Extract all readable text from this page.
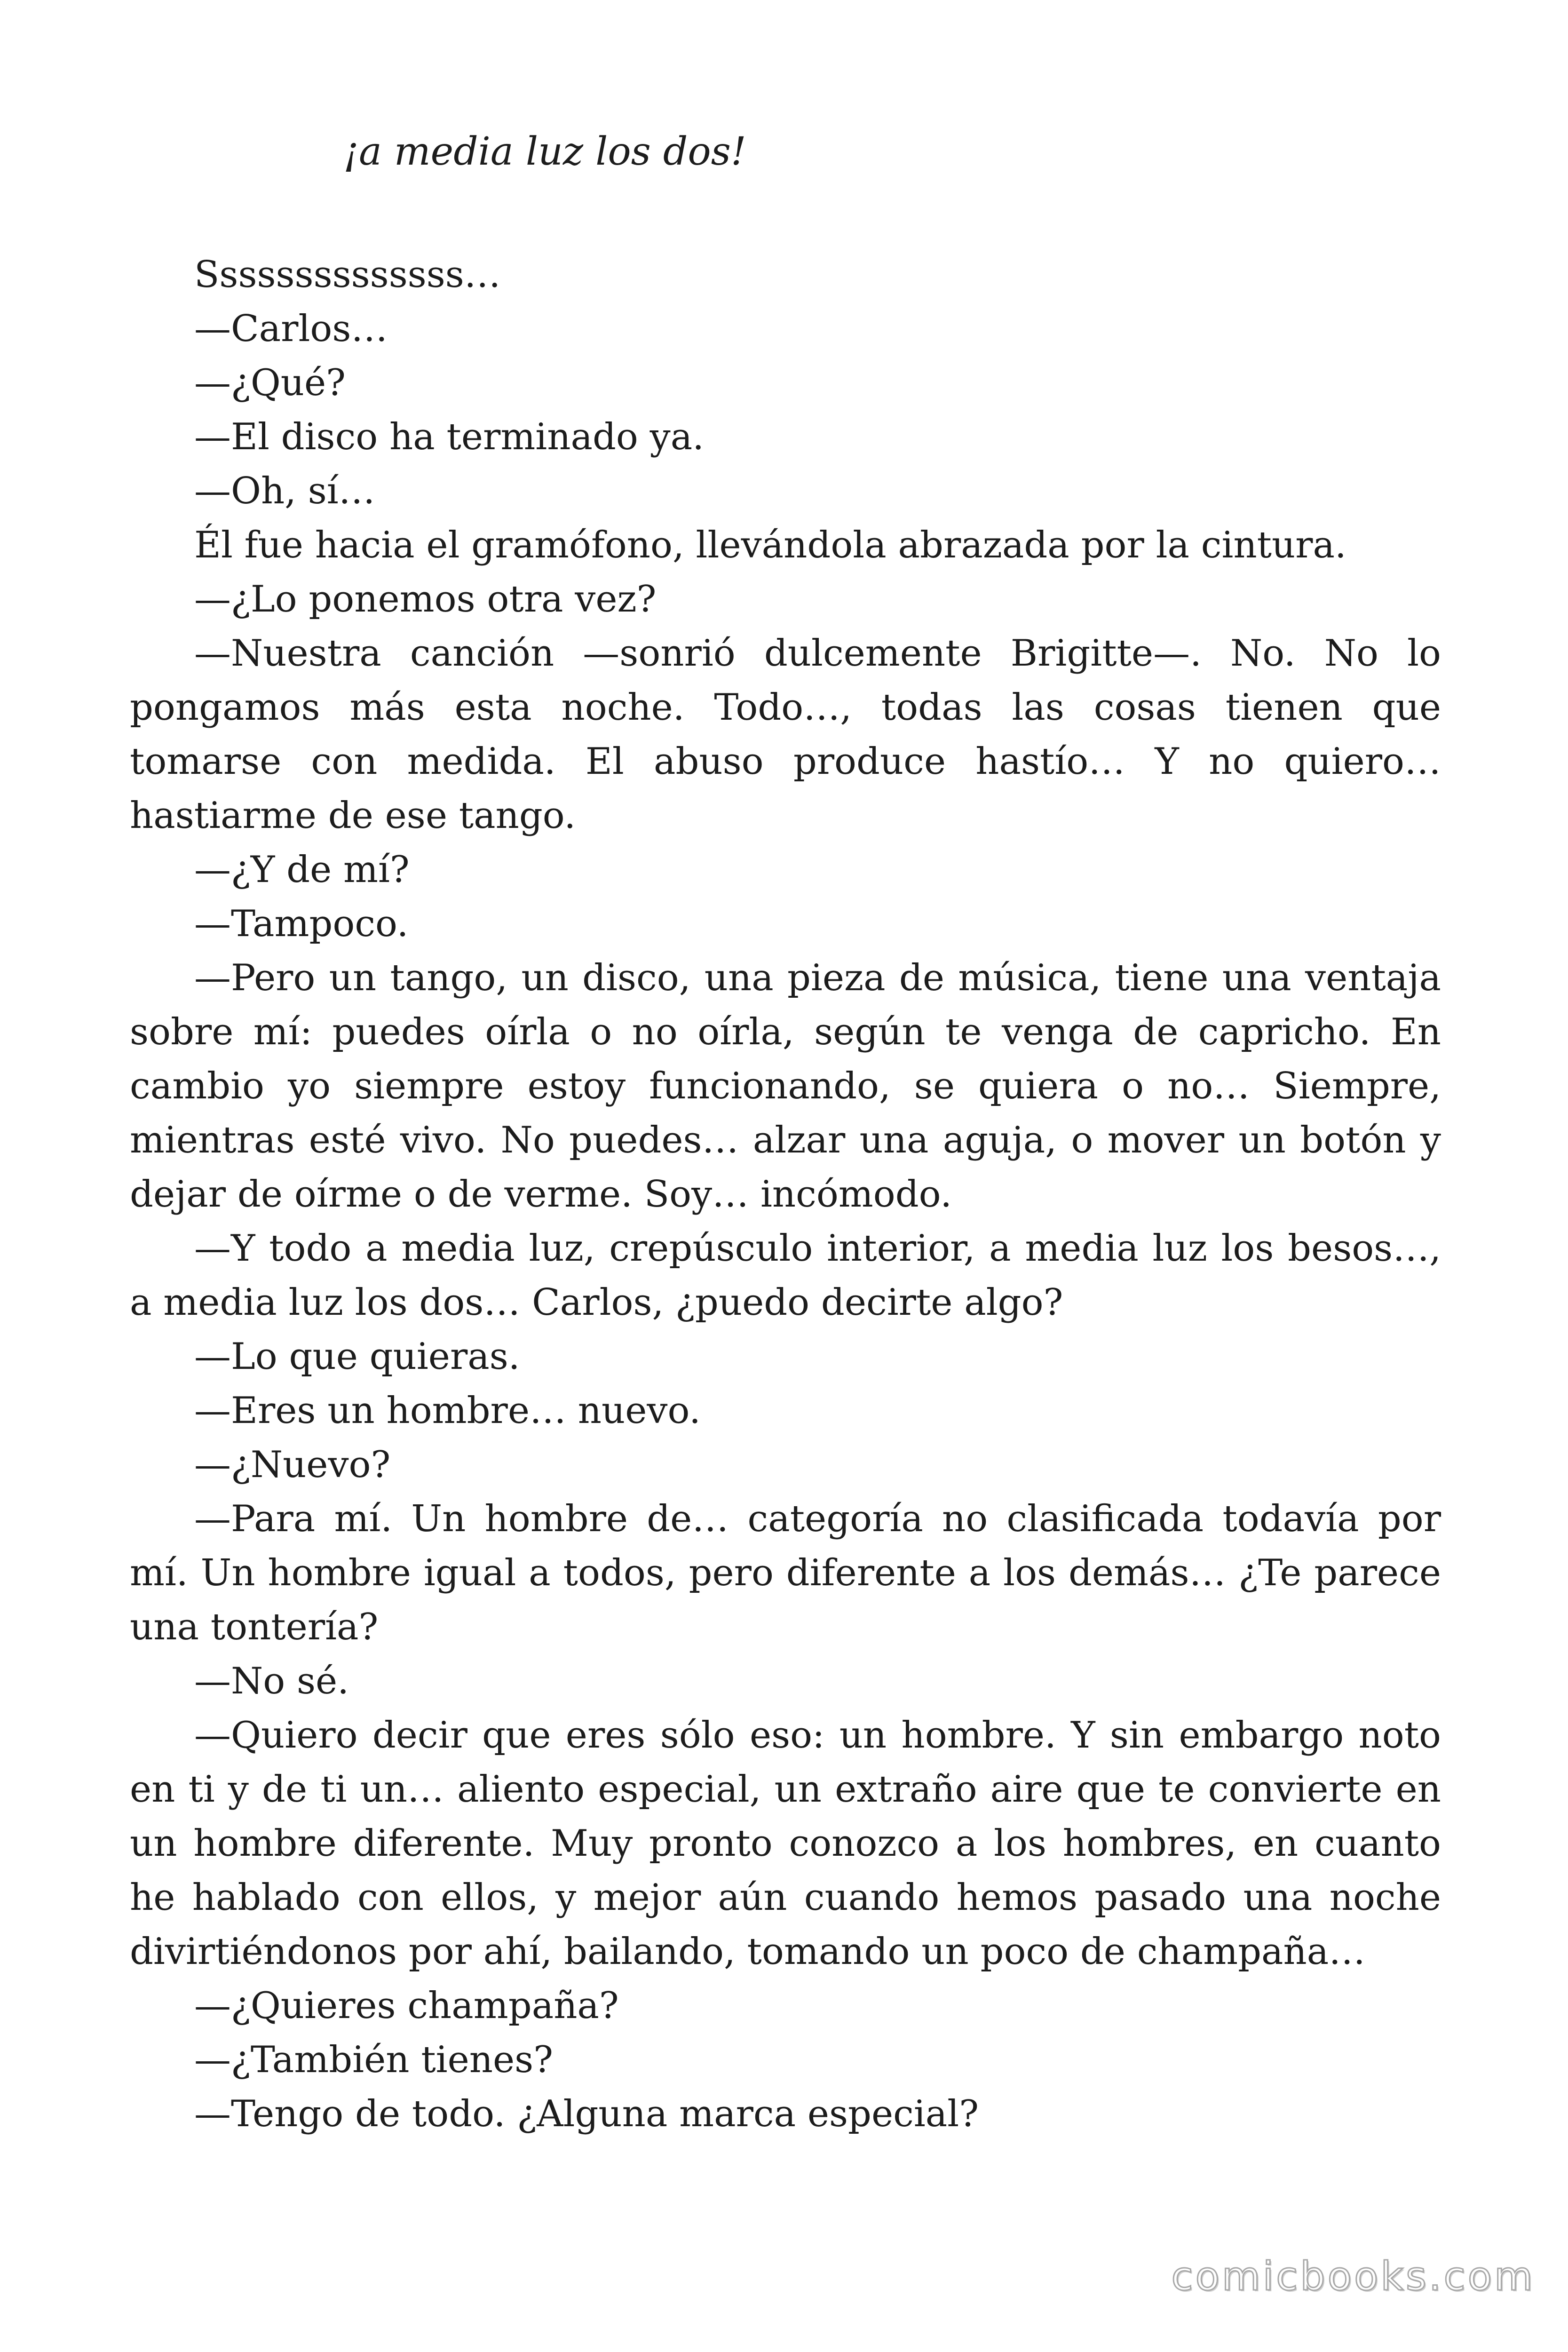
¡a media luz los dos!

Ssssssssssssss…

—Carlos…

—¿Qué?

—El disco ha terminado ya.

—Oh, sí…

Él fue hacia el gramófono, llevándola abrazada por la cintura.

—¿Lo ponemos otra vez?

—Nuestra canción —sonrió dulcemente Brigitte—. No. No lo pongamos más esta noche. Todo…, todas las cosas tienen que tomarse con medida. El abuso produce hastío… Y no quiero… hastiarme de ese tango.

—¿Y de mí?

—Tampoco.

—Pero un tango, un disco, una pieza de música, tiene una ventaja sobre mí: puedes oírla o no oírla, según te venga de capricho. En cambio yo siempre estoy funcionando, se quiera o no… Siempre, mientras esté vivo. No puedes… alzar una aguja, o mover un botón y dejar de oírme o de verme. Soy… incómodo.

—Y todo a media luz, crepúsculo interior, a media luz los besos…, a media luz los dos… Carlos, ¿puedo decirte algo?

—Lo que quieras.

—Eres un hombre… nuevo.

—¿Nuevo?

—Para mí. Un hombre de… categoría no clasificada todavía por mí. Un hombre igual a todos, pero diferente a los demás… ¿Te parece una tontería?

—No sé.

—Quiero decir que eres sólo eso: un hombre. Y sin embargo noto en ti y de ti un… aliento especial, un extraño aire que te convierte en un hombre diferente. Muy pronto conozco a los hombres, en cuanto he hablado con ellos, y mejor aún cuando hemos pasado una noche divirtiéndonos por ahí, bailando, tomando un poco de champaña…

—¿Quieres champaña?

—¿También tienes?

—Tengo de todo. ¿Alguna marca especial?

comicbooks.com
